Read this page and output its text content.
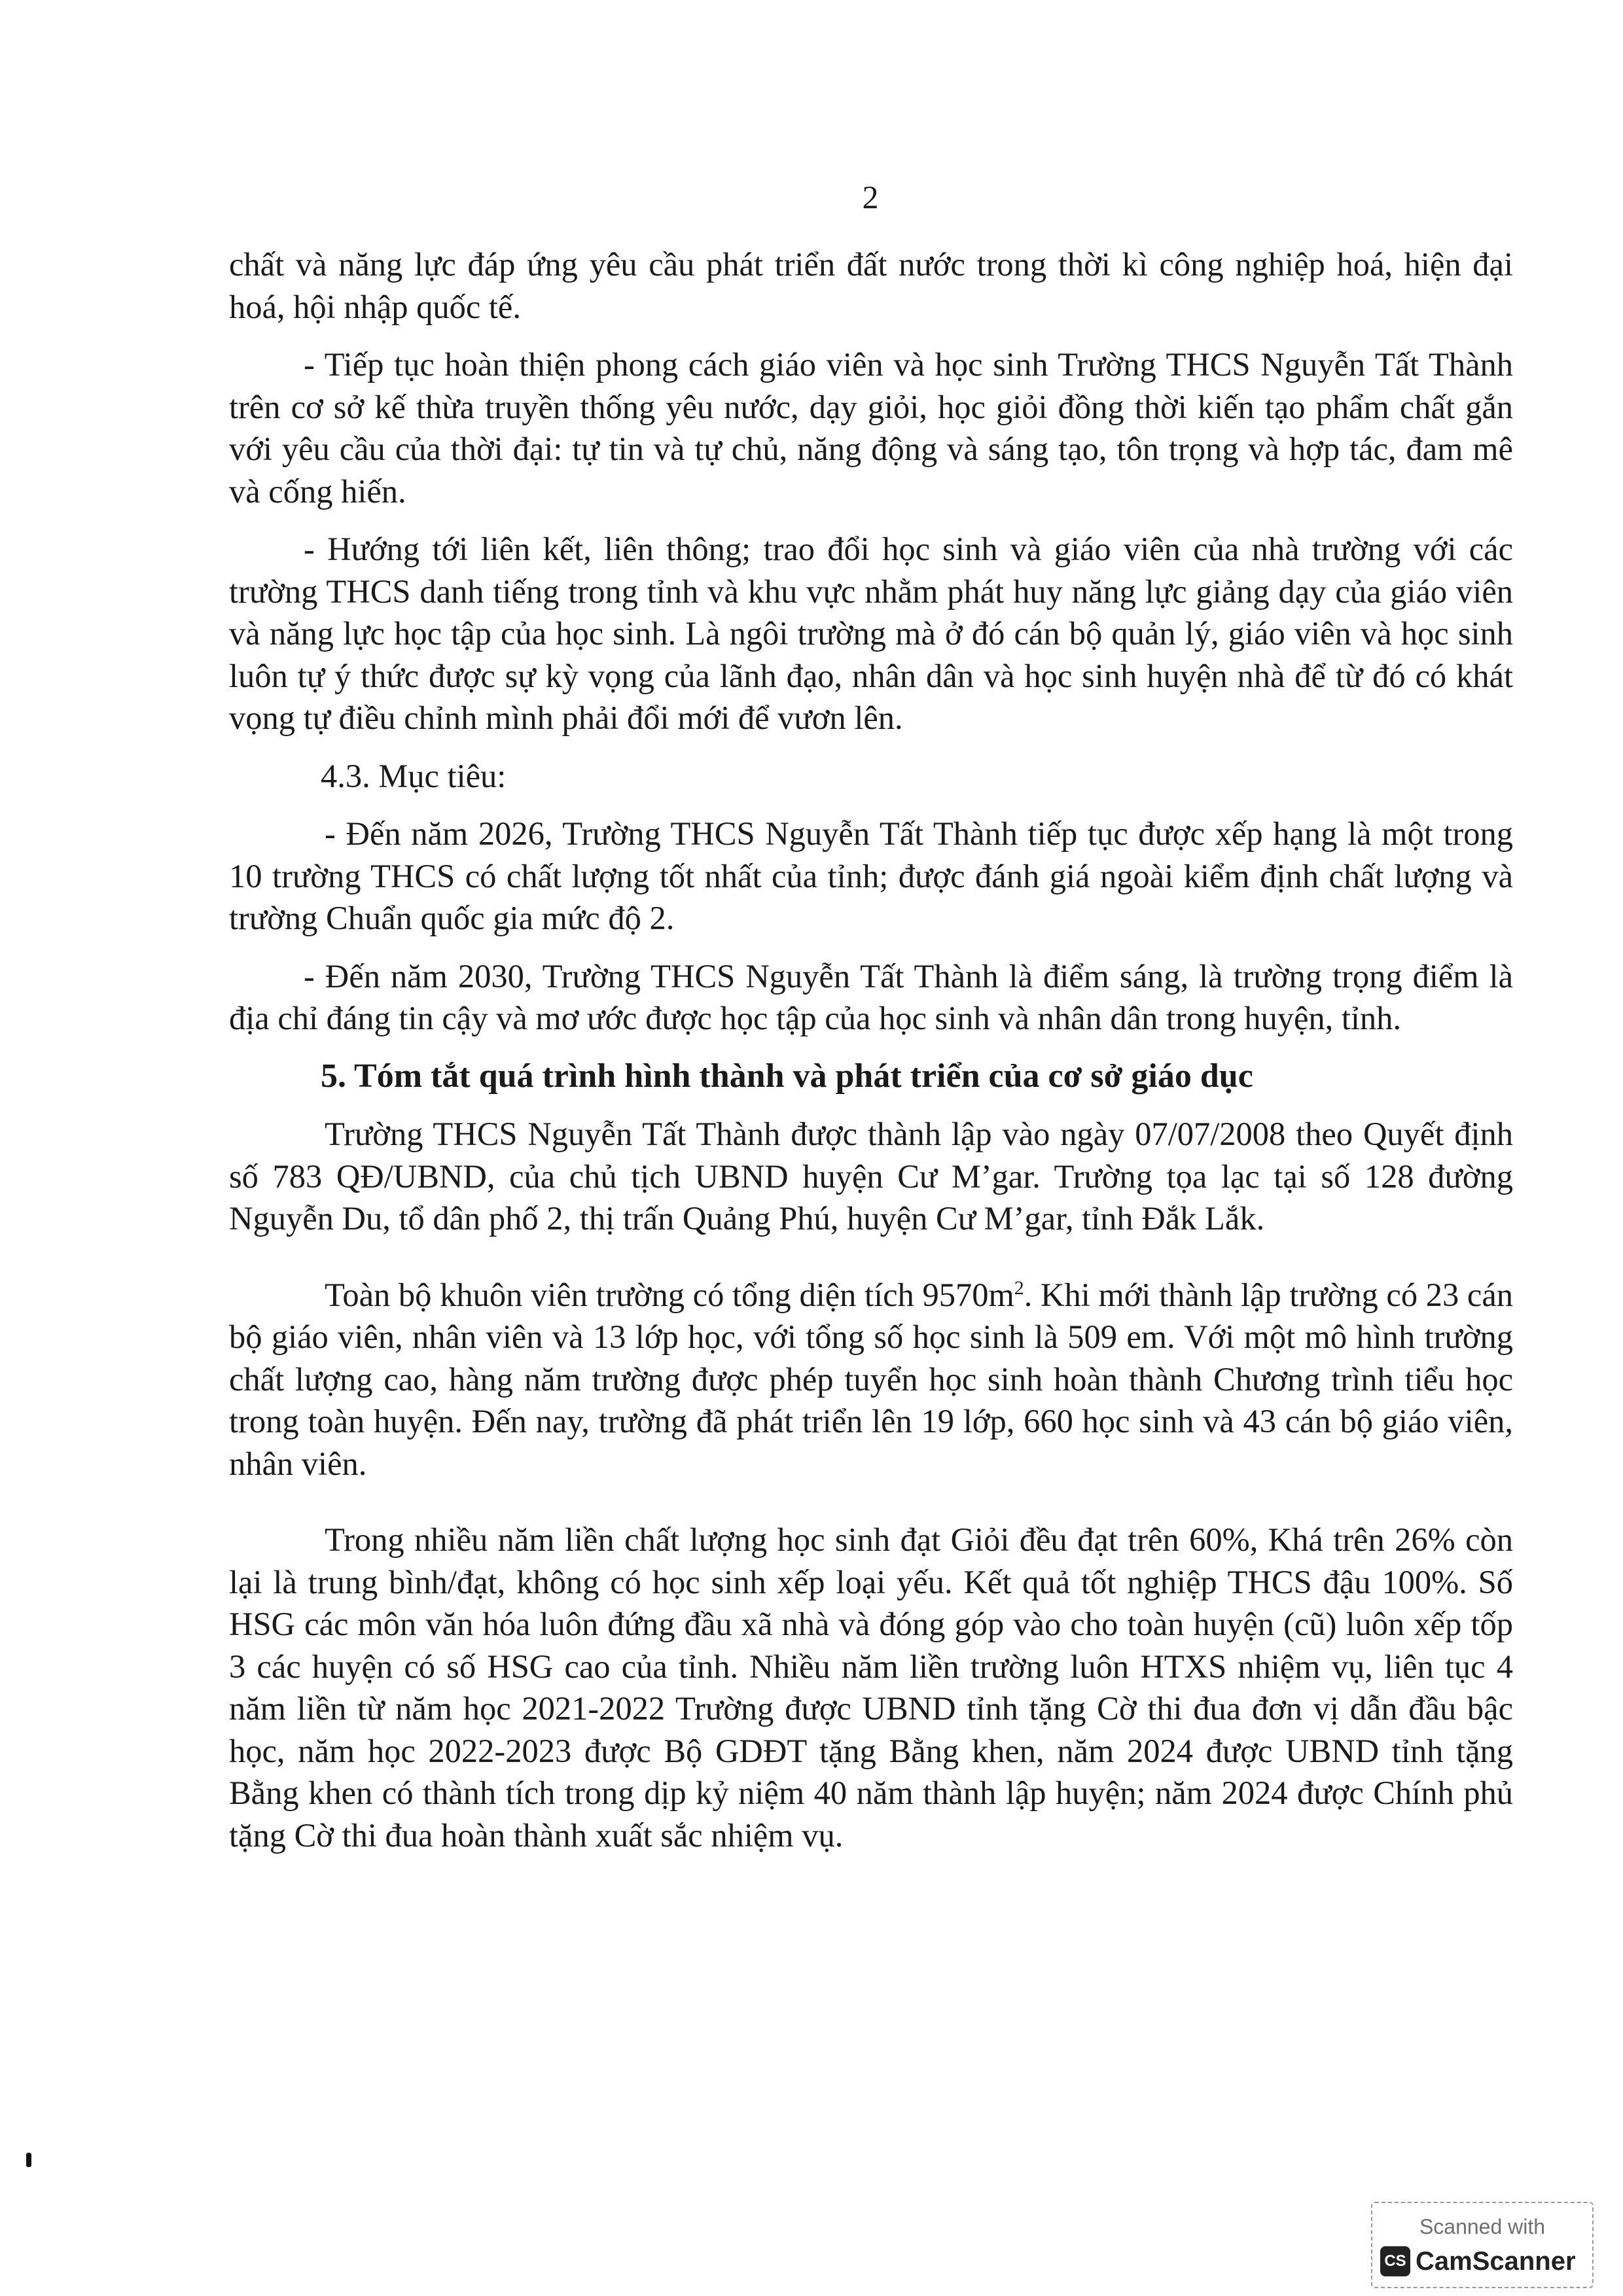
2

chất và năng lực đáp ứng yêu cầu phát triển đất nước trong thời kì công nghiệp hoá, hiện đại hoá, hội nhập quốc tế.

- Tiếp tục hoàn thiện phong cách giáo viên và học sinh Trường THCS Nguyễn Tất Thành trên cơ sở kế thừa truyền thống yêu nước, dạy giỏi, học giỏi đồng thời kiến tạo phẩm chất gắn với yêu cầu của thời đại: tự tin và tự chủ, năng động và sáng tạo, tôn trọng và hợp tác, đam mê và cống hiến.

- Hướng tới liên kết, liên thông; trao đổi học sinh và giáo viên của nhà trường với các trường THCS danh tiếng trong tỉnh và khu vực nhằm phát huy năng lực giảng dạy của giáo viên và năng lực học tập của học sinh. Là ngôi trường mà ở đó cán bộ quản lý, giáo viên và học sinh luôn tự ý thức được sự kỳ vọng của lãnh đạo, nhân dân và học sinh huyện nhà để từ đó có khát vọng tự điều chỉnh mình phải đổi mới để vươn lên.

4.3. Mục tiêu:

- Đến năm 2026, Trường THCS Nguyễn Tất Thành tiếp tục được xếp hạng là một trong 10 trường THCS có chất lượng tốt nhất của tỉnh; được đánh giá ngoài kiểm định chất lượng và trường Chuẩn quốc gia mức độ 2.

- Đến năm 2030, Trường THCS Nguyễn Tất Thành là điểm sáng, là trường trọng điểm là địa chỉ đáng tin cậy và mơ ước được học tập của học sinh và nhân dân trong huyện, tỉnh.

5. Tóm tắt quá trình hình thành và phát triển của cơ sở giáo dục

Trường THCS Nguyễn Tất Thành được thành lập vào ngày 07/07/2008 theo Quyết định số 783 QĐ/UBND, của chủ tịch UBND huyện Cư M’gar. Trường tọa lạc tại số 128 đường Nguyễn Du, tổ dân phố 2, thị trấn Quảng Phú, huyện Cư M’gar, tỉnh Đắk Lắk.

Toàn bộ khuôn viên trường có tổng diện tích $9570m^2$. Khi mới thành lập trường có 23 cán bộ giáo viên, nhân viên và 13 lớp học, với tổng số học sinh là 509 em. Với một mô hình trường chất lượng cao, hàng năm trường được phép tuyển học sinh hoàn thành Chương trình tiểu học trong toàn huyện. Đến nay, trường đã phát triển lên 19 lớp, 660 học sinh và 43 cán bộ giáo viên, nhân viên.

Trong nhiều năm liền chất lượng học sinh đạt Giỏi đều đạt trên 60%, Khá trên 26% còn lại là trung bình/đạt, không có học sinh xếp loại yếu. Kết quả tốt nghiệp THCS đậu 100%. Số HSG các môn văn hóa luôn đứng đầu xã nhà và đóng góp vào cho toàn huyện (cũ) luôn xếp tốp 3 các huyện có số HSG cao của tỉnh. Nhiều năm liền trường luôn HTXS nhiệm vụ, liên tục 4 năm liền từ năm học 2021-2022 Trường được UBND tỉnh tặng Cờ thi đua đơn vị dẫn đầu bậc học, năm học 2022-2023 được Bộ GDĐT tặng Bằng khen, năm 2024 được UBND tỉnh tặng Bằng khen có thành tích trong dịp kỷ niệm 40 năm thành lập huyện; năm 2024 được Chính phủ tặng Cờ thi đua hoàn thành xuất sắc nhiệm vụ.

Scanned with
CS CamScanner
